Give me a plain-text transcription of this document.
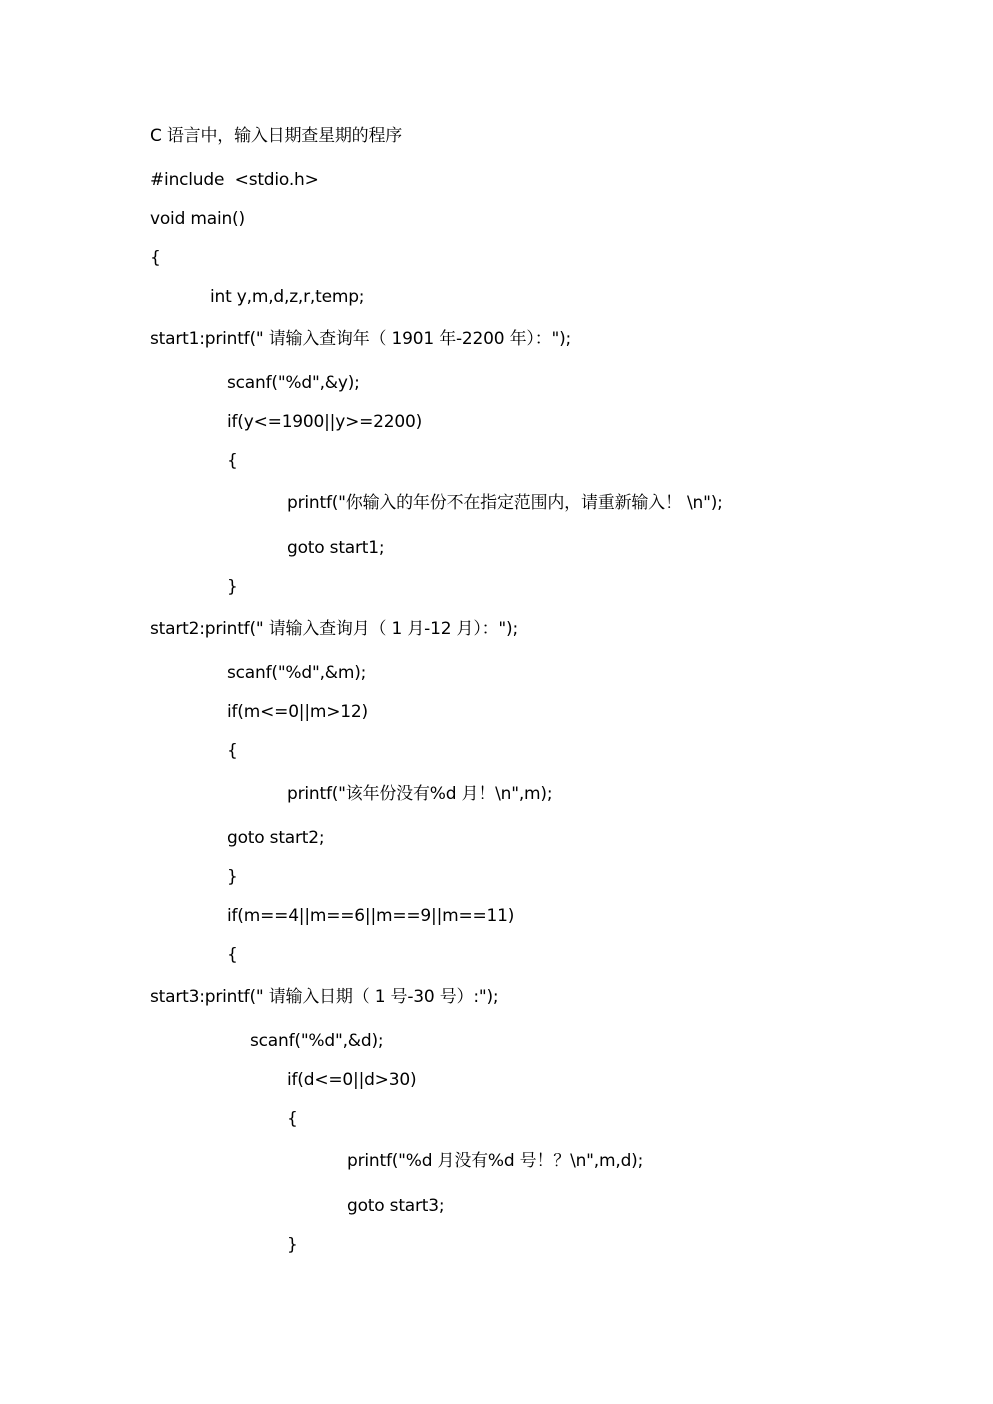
C 语言中，输入日期查星期的程序
#include  <stdio.h>
void main()
{
int y,m,d,z,r,temp;
start1:printf(" 请输入查询年（ 1901 年-2200 年）：");
scanf("%d",&y);
if(y<=1900||y>=2200)
{
printf("你输入的年份不在指定范围内，请重新输入！ \n");
goto start1;
}
start2:printf(" 请输入查询月（ 1 月-12 月）：");
scanf("%d",&m);
if(m<=0||m>12)
{
printf("该年份没有%d 月！\n",m);
goto start2;
}
if(m==4||m==6||m==9||m==11)
{
start3:printf(" 请输入日期（ 1 号-30 号）:");
scanf("%d",&d);
if(d<=0||d>30)
{
printf("%d 月没有%d 号！？\n",m,d);
goto start3;
}
